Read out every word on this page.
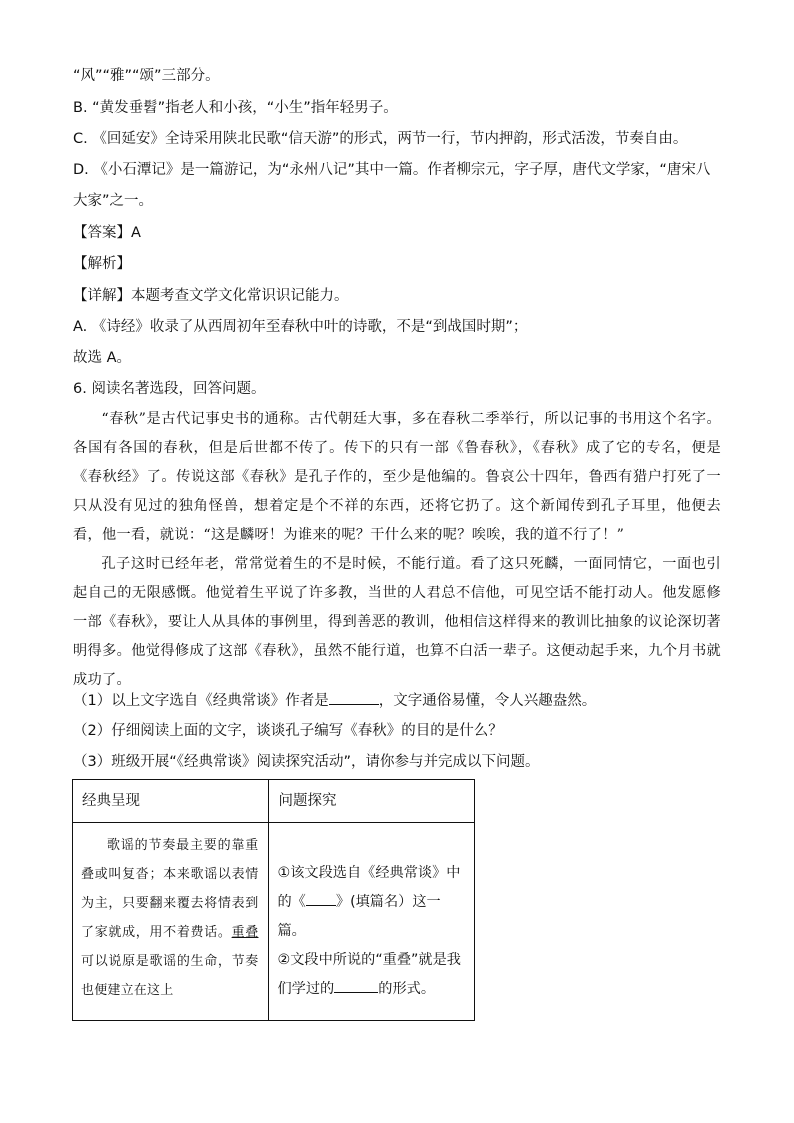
“风”“雅”“颂”三部分。
B. “黄发垂髫”指老人和小孩，“小生”指年轻男子。
C. 《回延安》全诗采用陕北民歌“信天游”的形式，两节一行，节内押韵，形式活泼，节奏自由。
D. 《小石潭记》是一篇游记，为“永州八记”其中一篇。作者柳宗元，字子厚，唐代文学家，“唐宋八
大家”之一。
【答案】A
【解析】
【详解】本题考查文学文化常识识记能力。
A. 《诗经》收录了从西周初年至春秋中叶的诗歌，不是“到战国时期”；
故选 A。
6. 阅读名著选段，回答问题。

“春秋”是古代记事史书的通称。古代朝廷大事，多在春秋二季举行，所以记事的书用这个名字。各国有各国的春秋，但是后世都不传了。传下的只有一部《鲁春秋》，《春秋》成了它的专名，便是《春秋经》了。传说这部《春秋》是孔子作的，至少是他编的。鲁哀公十四年，鲁西有猎户打死了一只从没有见过的独角怪兽，想着定是个不祥的东西，还将它扔了。这个新闻传到孔子耳里，他便去看，他一看，就说：“这是麟呀！为谁来的呢？干什么来的呢？唉唉，我的道不行了！”

孔子这时已经年老，常常觉着生的不是时候，不能行道。看了这只死麟，一面同情它，一面也引起自己的无限感慨。他觉着生平说了许多教，当世的人君总不信他，可见空话不能打动人。他发愿修一部《春秋》，要让人从具体的事例里，得到善恶的教训，他相信这样得来的教训比抽象的议论深切著明得多。他觉得修成了这部《春秋》，虽然不能行道，也算不白活一辈子。这便动起手来，九个月书就成功了。

（1）以上文字选自《经典常谈》作者是	，文字通俗易懂，令人兴趣盎然。
（2）仔细阅读上面的文字，谈谈孔子编写《春秋》的目的是什么？
（3）班级开展“《经典常谈》阅读探究活动”，请你参与并完成以下问题。
经典呈现	问题探究

歌谣的节奏最主要的靠重叠或叫复沓；本来歌谣以表情为主，只要翻来覆去将情表到了家就成，用不着费话。重叠可以说原是歌谣的生命，节奏也便建立在这上	①该文段选自《经典常谈》中的《 》(填篇名）这一篇。
②文段中所说的“重叠”就是我们学过的 的形式。
